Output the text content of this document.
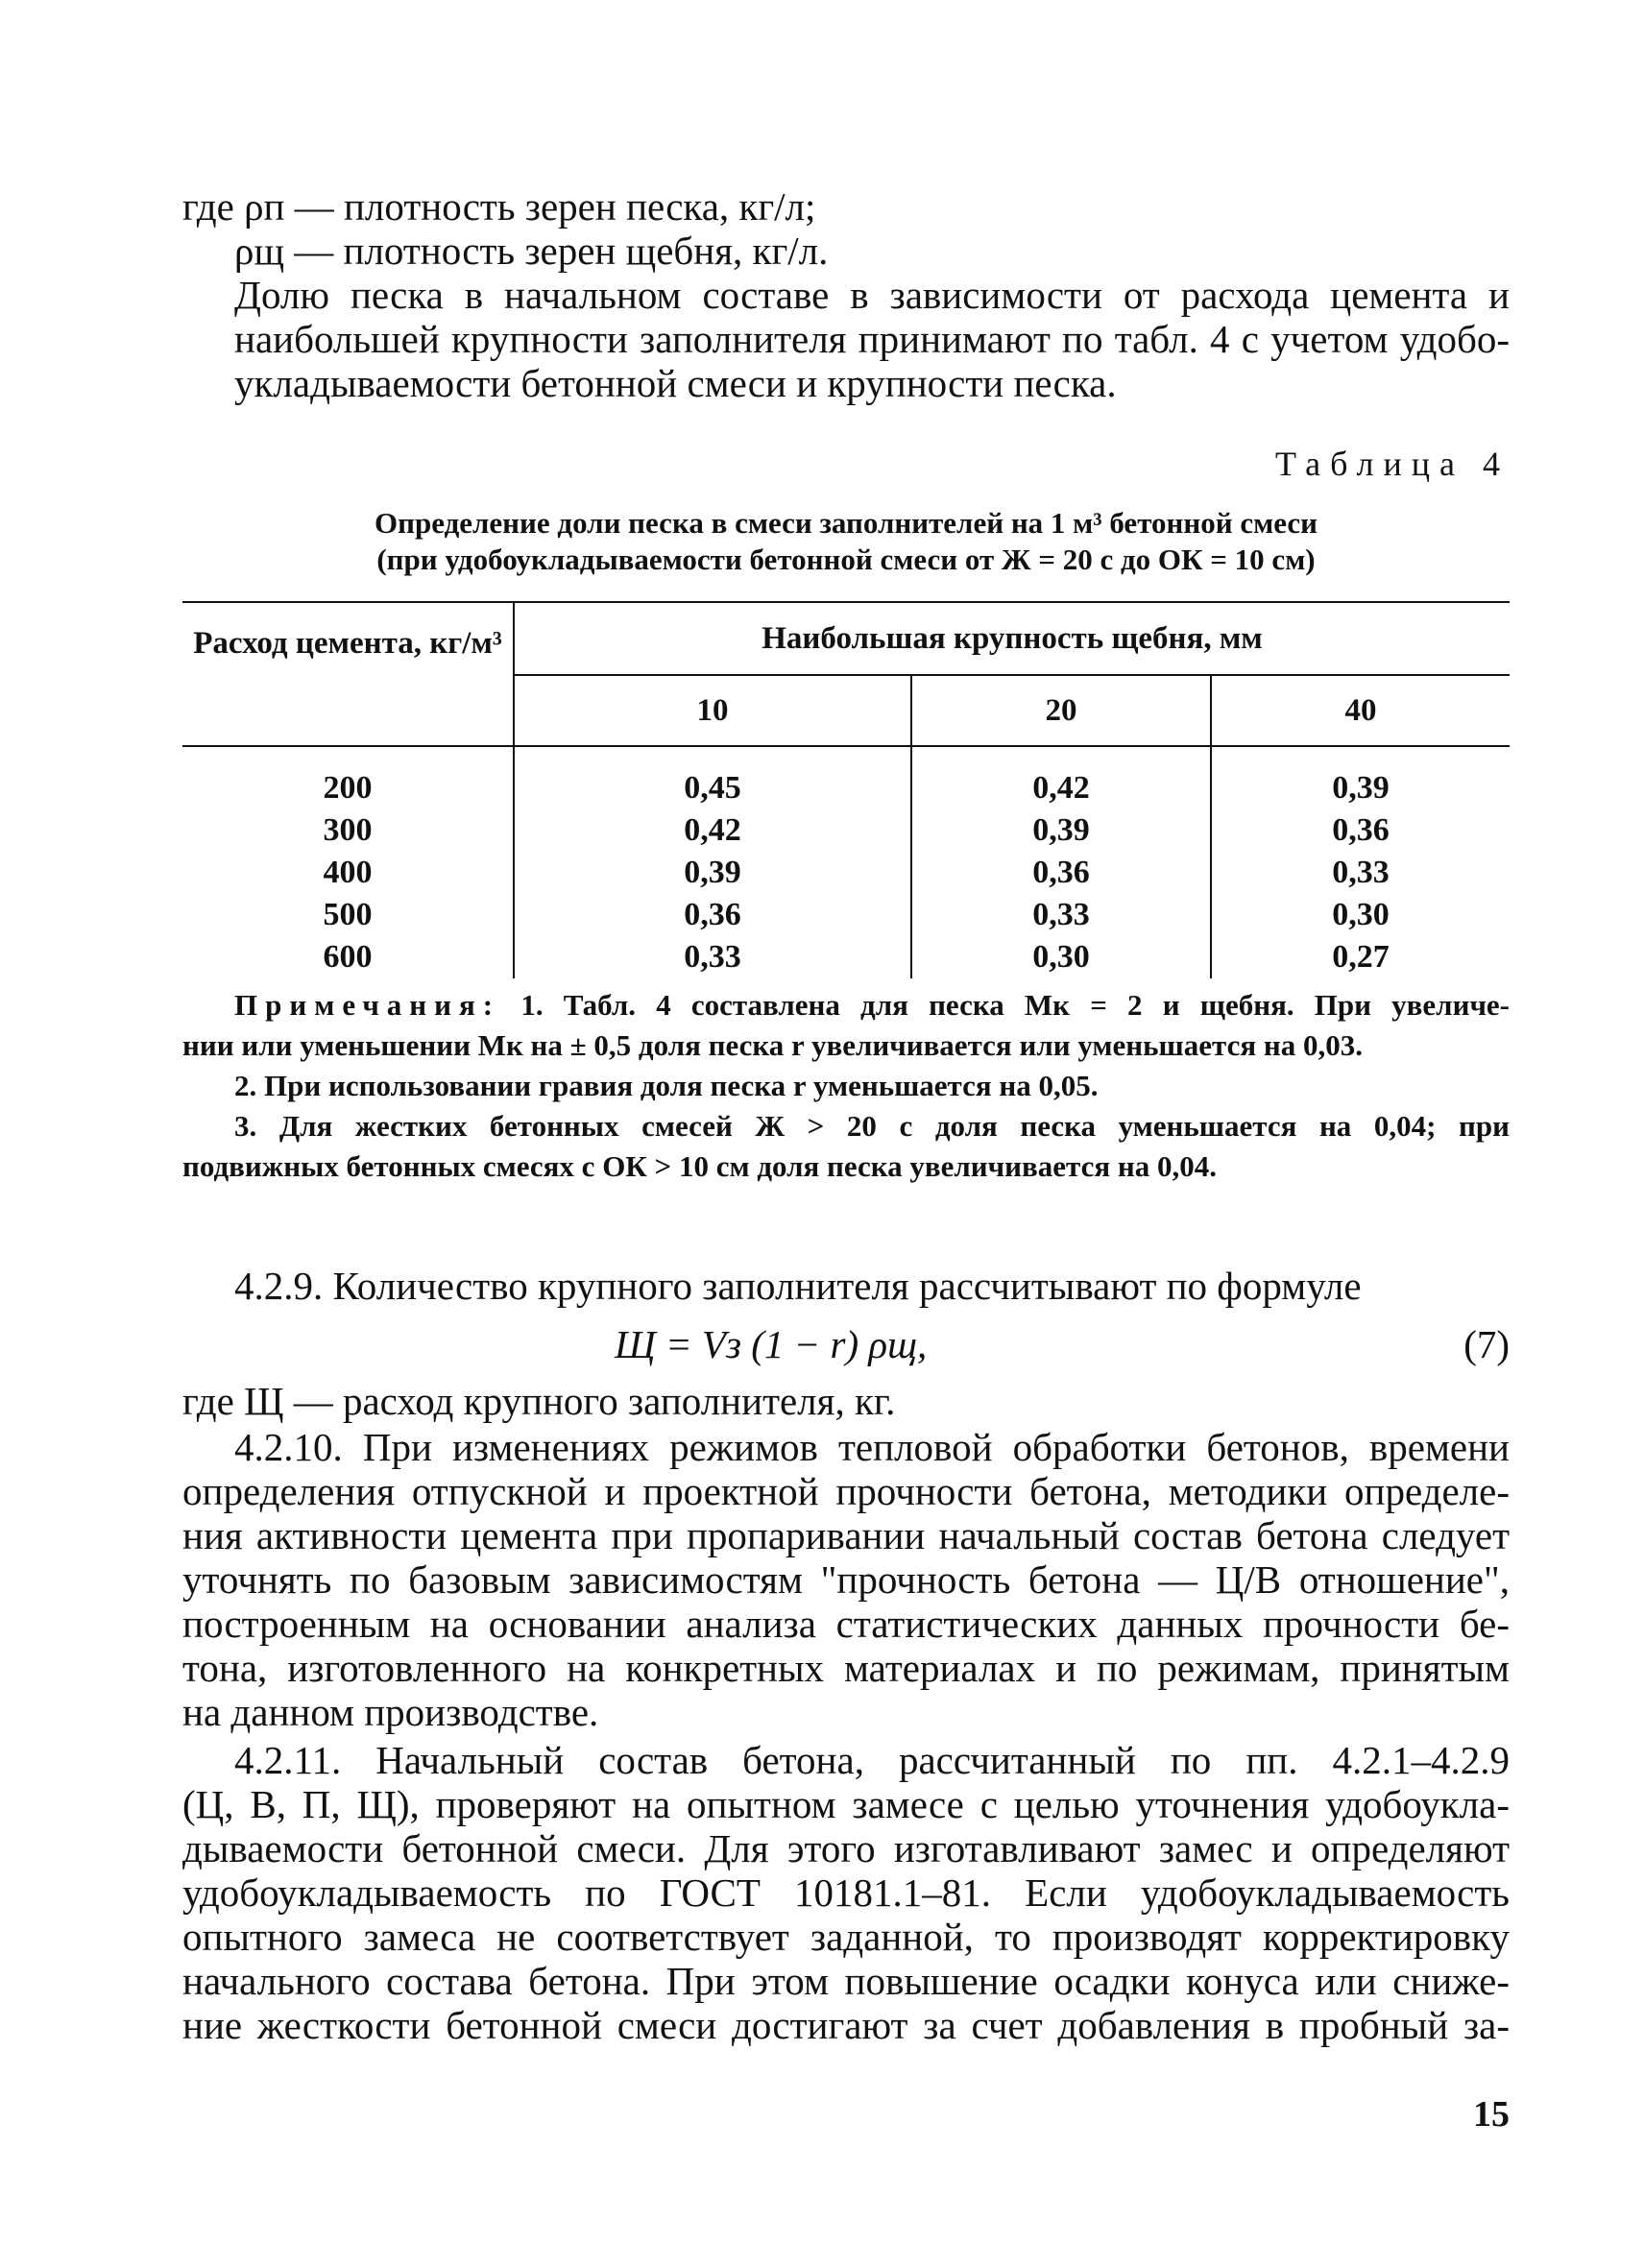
где ρп — плотность зерен песка, кг/л;

ρщ — плотность зерен щебня, кг/л.

Долю песка в начальном составе в зависимости от расхода цемента и
наибольшей крупности заполнителя принимают по табл. 4 с учетом удобо-
укладываемости бетонной смеси и крупности песка.

Таблица 4

Определение доли песка в смеси заполнителей на 1 м³ бетонной смеси

(при удобоукладываемости бетонной смеси от Ж = 20 с до ОК = 10 см)

Расход цемента, кг/м³	Наибольшая крупность щебня, мм		
	10	20	40

200	0,45	0,42	0,39
300	0,42	0,39	0,36
400	0,39	0,36	0,33
500	0,36	0,33	0,30
600	0,33	0,30	0,27

Примечания: 1. Табл. 4 составлена для песка Мк = 2 и щебня. При увеличе-
нии или уменьшении Мк на ± 0,5 доля песка r увеличивается или уменьшается на 0,03.

2. При использовании гравия доля песка r уменьшается на 0,05.

3. Для жестких бетонных смесей Ж > 20 с доля песка уменьшается на 0,04; при
подвижных бетонных смесях с ОК > 10 см доля песка увеличивается на 0,04.

4.2.9. Количество крупного заполнителя рассчитывают по формуле

Щ = Vз (1 − r) ρщ,	(7)

где Щ — расход крупного заполнителя, кг.

4.2.10. При изменениях режимов тепловой обработки бетонов, времени
определения отпускной и проектной прочности бетона, методики определе-
ния активности цемента при пропаривании начальный состав бетона следует
уточнять по базовым зависимостям "прочность бетона — Ц/В отношение",
построенным на основании анализа статистических данных прочности бе-
тона, изготовленного на конкретных материалах и по режимам, принятым
на данном производстве.

4.2.11. Начальный состав бетона, рассчитанный по пп. 4.2.1–4.2.9
(Ц, В, П, Щ), проверяют на опытном замесе с целью уточнения удобоукла-
дываемости бетонной смеси. Для этого изготавливают замес и определяют
удобоукладываемость по ГОСТ 10181.1–81. Если удобоукладываемость
опытного замеса не соответствует заданной, то производят корректировку
начального состава бетона. При этом повышение осадки конуса или сниже-
ние жесткости бетонной смеси достигают за счет добавления в пробный за-

15
